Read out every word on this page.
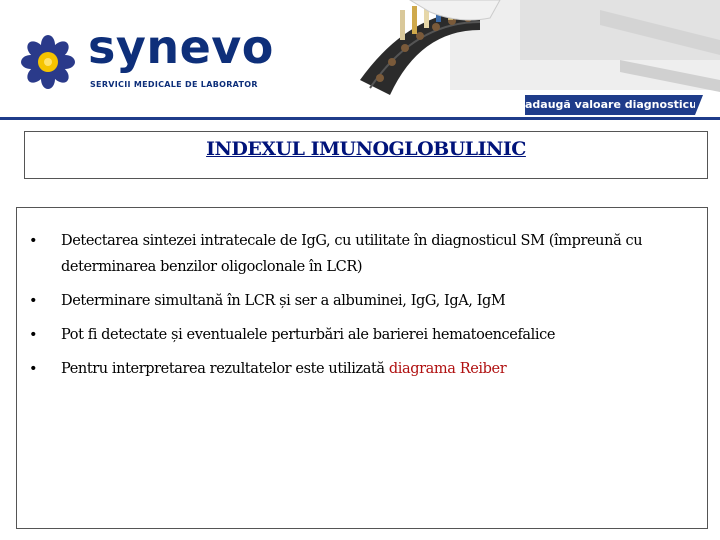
synevo
SERVICII MEDICALE DE LABORATOR
adaugă valoare diagnosticului
INDEXUL IMUNOGLOBULINIC
• Detectarea sintezei intratecale de IgG, cu utilitate în diagnosticul SM (împreună cu determinarea benzilor oligoclonale în LCR)
• Determinare simultană în LCR și ser a albuminei, IgG, IgA, IgM
• Pot fi detectate și eventualele perturbări ale barierei hematoencefalice
• Pentru interpretarea rezultatelor este utilizată diagrama Reiber
